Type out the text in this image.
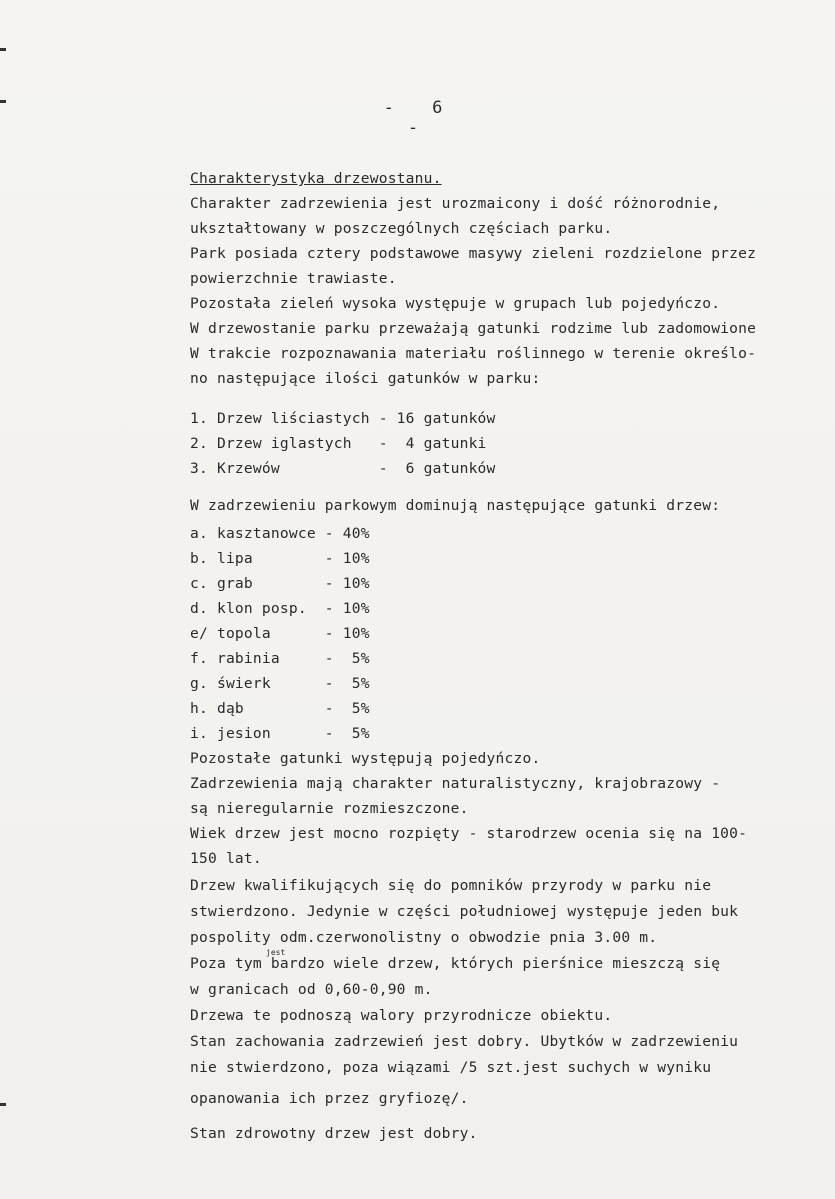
- 6 -
Charakterystyka drzewostanu.
Charakter zadrzewienia jest urozmaicony i dość różnorodnie,
ukształtowany w poszczególnych częściach parku.
Park posiada cztery podstawowe masywy zieleni rozdzielone przez
powierzchnie trawiaste.
Pozostała zieleń wysoka występuje w grupach lub pojedyńczo.
W drzewostanie parku przeważają gatunki rodzime lub zadomowione
W trakcie rozpoznawania materiału roślinnego w terenie określo-
no następujące ilości gatunków w parku:
1. Drzew liściastych - 16 gatunków
2. Drzew iglastych   -  4 gatunki
3. Krzewów           -  6 gatunków
W zadrzewieniu parkowym dominują następujące gatunki drzew:
a. kasztanowce - 40%
b. lipa        - 10%
c. grab        - 10%
d. klon posp.  - 10%
e/ topola      - 10%
f. rabinia     -  5%
g. świerk      -  5%
h. dąb         -  5%
i. jesion      -  5%
Pozostałe gatunki występują pojedyńczo.
Zadrzewienia mają charakter naturalistyczny, krajobrazowy -
są nieregularnie rozmieszczone.
Wiek drzew jest mocno rozpięty - starodrzew ocenia się na 100-
150 lat.
Drzew kwalifikujących się do pomników przyrody w parku nie
stwierdzono. Jedynie w części południowej występuje jeden buk
pospolity odm.czerwonolistny o obwodzie pnia 3.00 m.
jest
Poza tym bardzo wiele drzew, których pierśnice mieszczą się
w granicach od 0,60-0,90 m.
Drzewa te podnoszą walory przyrodnicze obiektu.
Stan zachowania zadrzewień jest dobry. Ubytków w zadrzewieniu
nie stwierdzono, poza wiązami /5 szt.jest suchych w wyniku
opanowania ich przez gryfiozę/.
Stan zdrowotny drzew jest dobry.
